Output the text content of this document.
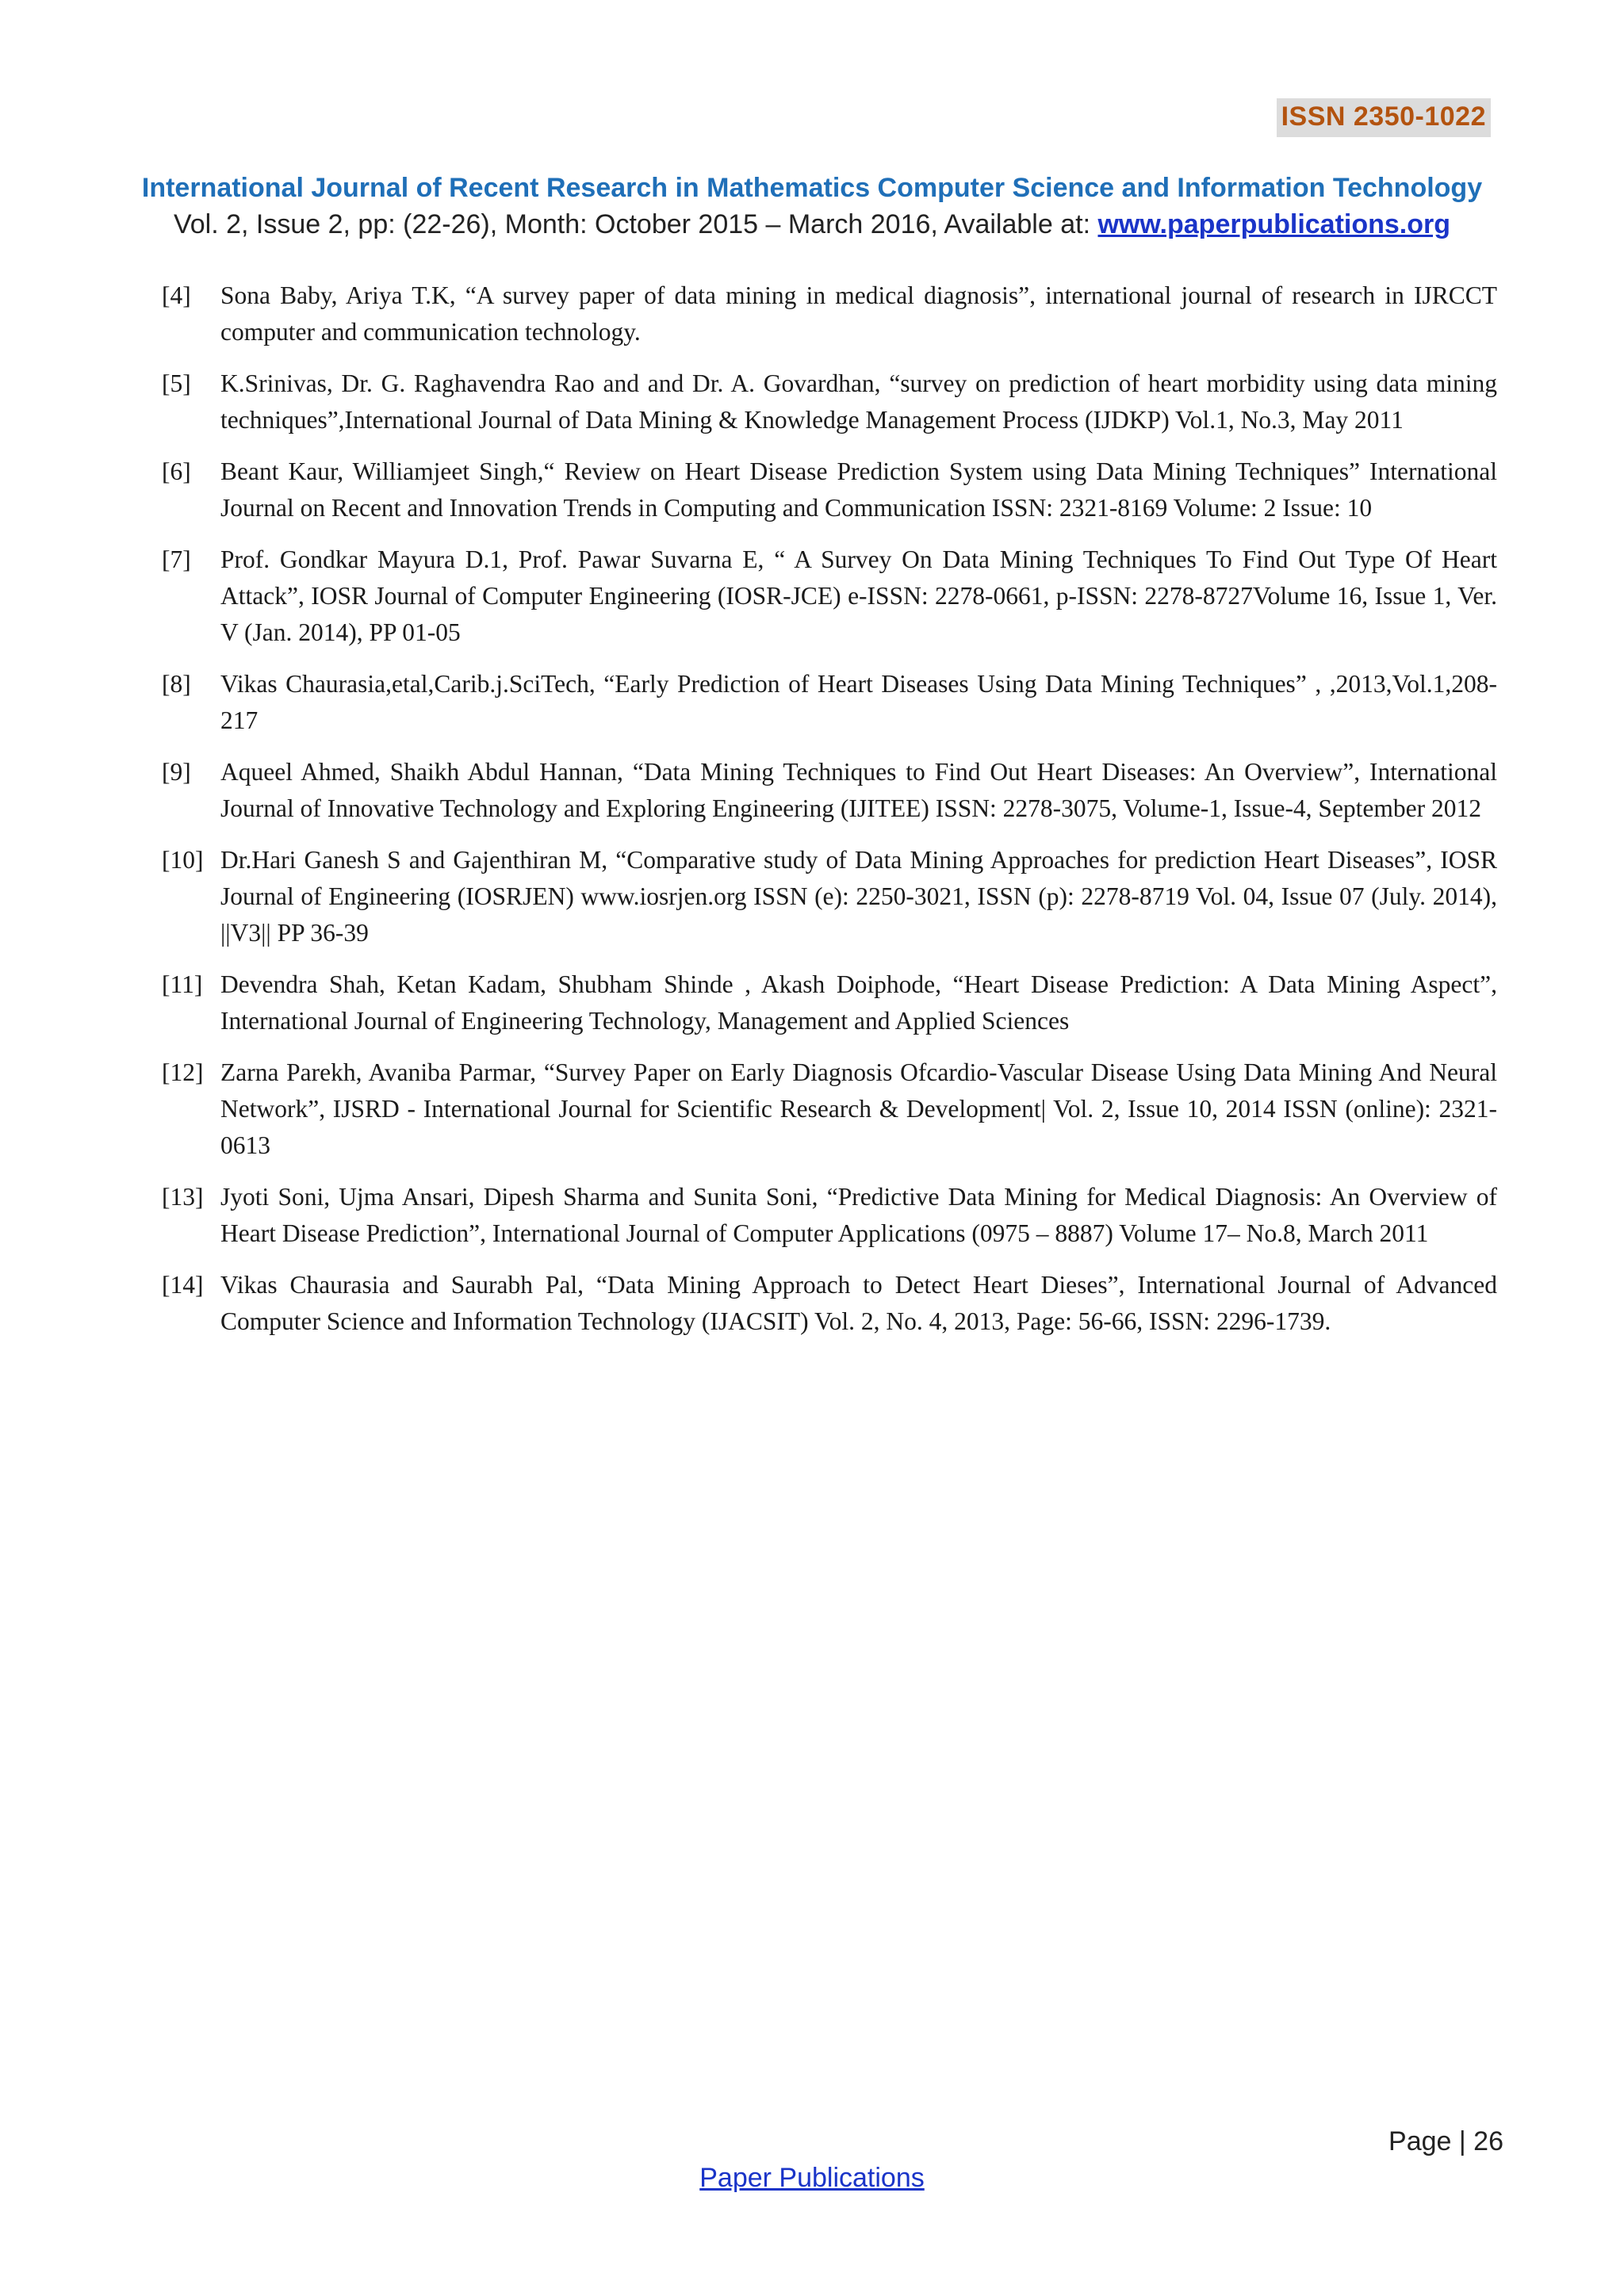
ISSN 2350-1022
International Journal of Recent Research in Mathematics Computer Science and Information Technology
Vol. 2, Issue 2, pp: (22-26), Month: October 2015 – March 2016, Available at: www.paperpublications.org
[4] Sona Baby, Ariya T.K, “A survey paper of data mining in medical diagnosis”, international journal of research in IJRCCT computer and communication technology.
[5] K.Srinivas, Dr. G. Raghavendra Rao and and Dr. A. Govardhan, “survey on prediction of heart morbidity using data mining techniques”,International Journal of Data Mining & Knowledge Management Process (IJDKP) Vol.1, No.3, May 2011
[6] Beant Kaur, Williamjeet Singh,“ Review on Heart Disease Prediction System using Data Mining Techniques” International Journal on Recent and Innovation Trends in Computing and Communication ISSN: 2321-8169 Volume: 2 Issue: 10
[7] Prof. Gondkar Mayura D.1, Prof. Pawar Suvarna E, “ A Survey On Data Mining Techniques To Find Out Type Of Heart Attack”, IOSR Journal of Computer Engineering (IOSR-JCE) e-ISSN: 2278-0661, p-ISSN: 2278-8727Volume 16, Issue 1, Ver. V (Jan. 2014), PP 01-05
[8] Vikas Chaurasia,etal,Carib.j.SciTech, “Early Prediction of Heart Diseases Using Data Mining Techniques” , ,2013,Vol.1,208-217
[9] Aqueel Ahmed, Shaikh Abdul Hannan, “Data Mining Techniques to Find Out Heart Diseases: An Overview”, International Journal of Innovative Technology and Exploring Engineering (IJITEE) ISSN: 2278-3075, Volume-1, Issue-4, September 2012
[10] Dr.Hari Ganesh S and Gajenthiran M, “Comparative study of Data Mining Approaches for prediction Heart Diseases”, IOSR Journal of Engineering (IOSRJEN) www.iosrjen.org ISSN (e): 2250-3021, ISSN (p): 2278-8719 Vol. 04, Issue 07 (July. 2014), ||V3|| PP 36-39
[11] Devendra Shah, Ketan Kadam, Shubham Shinde , Akash Doiphode, “Heart Disease Prediction: A Data Mining Aspect”, International Journal of Engineering Technology, Management and Applied Sciences
[12] Zarna Parekh, Avaniba Parmar, “Survey Paper on Early Diagnosis Ofcardio-Vascular Disease Using Data Mining And Neural Network”, IJSRD - International Journal for Scientific Research & Development| Vol. 2, Issue 10, 2014 ISSN (online): 2321-0613
[13] Jyoti Soni, Ujma Ansari, Dipesh Sharma and Sunita Soni, “Predictive Data Mining for Medical Diagnosis: An Overview of Heart Disease Prediction”, International Journal of Computer Applications (0975 – 8887) Volume 17– No.8, March 2011
[14] Vikas Chaurasia and Saurabh Pal, “Data Mining Approach to Detect Heart Dieses”, International Journal of Advanced Computer Science and Information Technology (IJACSIT) Vol. 2, No. 4, 2013, Page: 56-66, ISSN: 2296-1739.
Page | 26
Paper Publications
